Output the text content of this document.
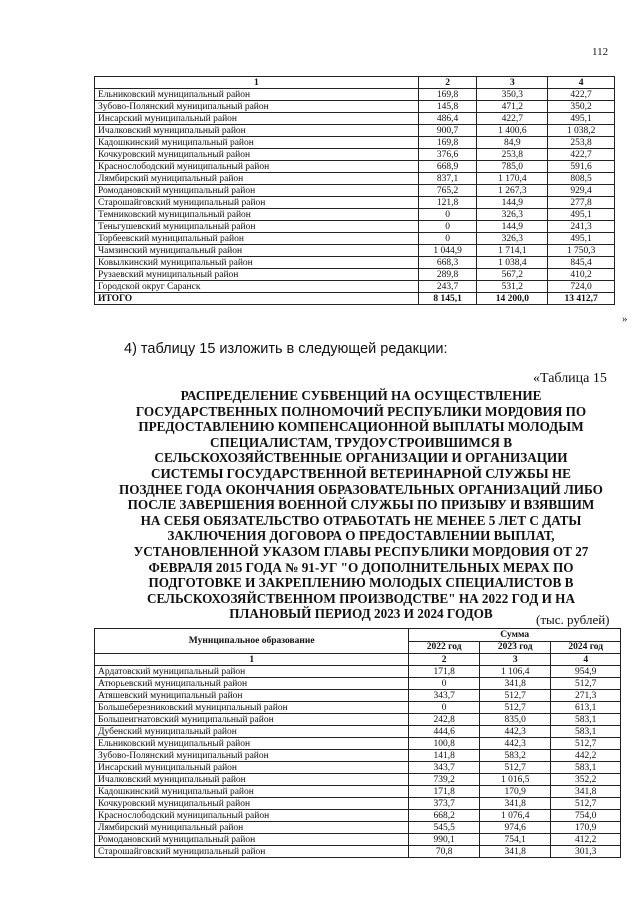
112
1	2	3	4
Ельниковский муниципальный район	169,8	350,3	422,7
Зубово-Полянский муниципальный район	145,8	471,2	350,2
Инсарский муниципальный район	486,4	422,7	495,1
Ичалковский муниципальный район	900,7	1 400,6	1 038,2
Кадошкинский муниципальный район	169,8	84,9	253,8
Кочкуровский муниципальный район	376,6	253,8	422,7
Краснослободский муниципальный район	668,9	785,0	591,6
Лямбирский муниципальный район	837,1	1 170,4	808,5
Ромодановский муниципальный район	765,2	1 267,3	929,4
Старошайговский муниципальный район	121,8	144,9	277,8
Темниковский муниципальный район	0	326,3	495,1
Теньгушевский муниципальный район	0	144,9	241,3
Торбеевский муниципальный район	0	326,3	495,1
Чамзинский муниципальный район	1 044,9	1 714,1	1 750,3
Ковылкинский муниципальный район	668,3	1 038,4	845,4
Рузаевский муниципальный район	289,8	567,2	410,2
Городской округ Саранск	243,7	531,2	724,0
ИТОГО	8 145,1	14 200,0	13 412,7
»
4) таблицу 15 изложить в следующей редакции:
«Таблица 15
РАСПРЕДЕЛЕНИЕ СУБВЕНЦИЙ НА ОСУЩЕСТВЛЕНИЕ ГОСУДАРСТВЕННЫХ ПОЛНОМОЧИЙ РЕСПУБЛИКИ МОРДОВИЯ ПО ПРЕДОСТАВЛЕНИЮ КОМПЕНСАЦИОННОЙ ВЫПЛАТЫ МОЛОДЫМ СПЕЦИАЛИСТАМ, ТРУДОУСТРОИВШИМСЯ В СЕЛЬСКОХОЗЯЙСТВЕННЫЕ ОРГАНИЗАЦИИ И ОРГАНИЗАЦИИ СИСТЕМЫ ГОСУДАРСТВЕННОЙ ВЕТЕРИНАРНОЙ СЛУЖБЫ НЕ ПОЗДНЕЕ ГОДА ОКОНЧАНИЯ ОБРАЗОВАТЕЛЬНЫХ ОРГАНИЗАЦИЙ ЛИБО ПОСЛЕ ЗАВЕРШЕНИЯ ВОЕННОЙ СЛУЖБЫ ПО ПРИЗЫВУ И ВЗЯВШИМ НА СЕБЯ ОБЯЗАТЕЛЬСТВО ОТРАБОТАТЬ НЕ МЕНЕЕ 5 ЛЕТ С ДАТЫ ЗАКЛЮЧЕНИЯ ДОГОВОРА О ПРЕДОСТАВЛЕНИИ ВЫПЛАТ, УСТАНОВЛЕННОЙ УКАЗОМ ГЛАВЫ РЕСПУБЛИКИ МОРДОВИЯ ОТ 27 ФЕВРАЛЯ 2015 ГОДА № 91-УГ "О ДОПОЛНИТЕЛЬНЫХ МЕРАХ ПО ПОДГОТОВКЕ И ЗАКРЕПЛЕНИЮ МОЛОДЫХ СПЕЦИАЛИСТОВ В СЕЛЬСКОХОЗЯЙСТВЕННОМ ПРОИЗВОДСТВЕ" НА 2022 ГОД И НА ПЛАНОВЫЙ ПЕРИОД 2023 И 2024 ГОДОВ	(тыс. рублей)
Муниципальное образование	Сумма		
	2022 год	2023 год	2024 год
1	2	3	4
Ардатовский муниципальный район	171,8	1 106,4	954,9
Атюрьевский муниципальный район	0	341,8	512,7
Атяшевский муниципальный район	343,7	512,7	271,3
Большеберезниковский муниципальный район	0	512,7	613,1
Большеигнатовский муниципальный район	242,8	835,0	583,1
Дубенский муниципальный район	444,6	442,3	583,1
Ельниковский муниципальный район	100,8	442,3	512,7
Зубово-Полянский муниципальный район	141,8	583,2	442,2
Инсарский муниципальный район	343,7	512,7	583,1
Ичалковский муниципальный район	739,2	1 016,5	352,2
Кадошкинский муниципальный район	171,8	170,9	341,8
Кочкуровский муниципальный район	373,7	341,8	512,7
Краснослободский муниципальный район	668,2	1 076,4	754,0
Лямбирский муниципальный район	545,5	974,6	170,9
Ромодановский муниципальный район	990,1	754,1	412,2
Старошайговский муниципальный район	70,8	341,8	301,3
